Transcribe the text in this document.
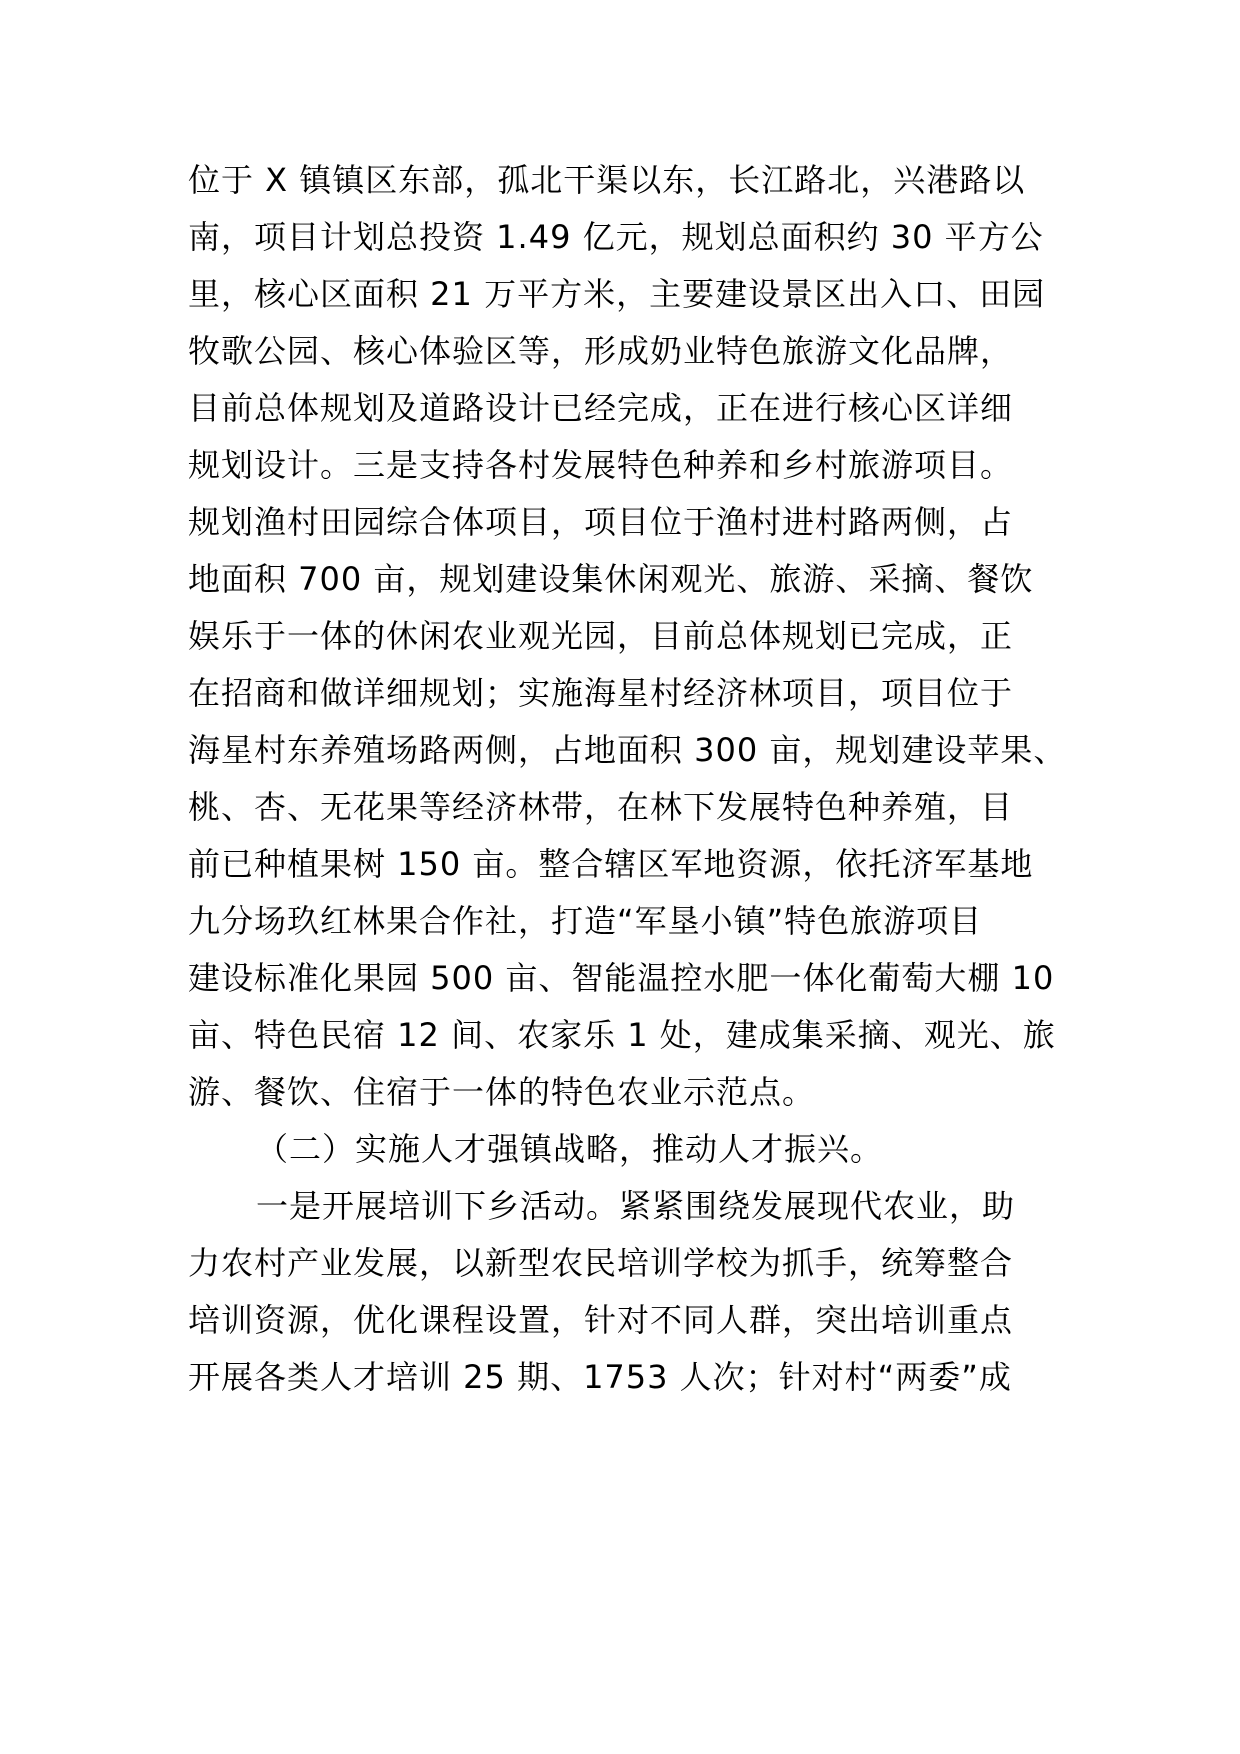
位于 X 镇镇区东部，孤北干渠以东，长江路北，兴港路以
南，项目计划总投资 1.49 亿元，规划总面积约 30 平方公
里，核心区面积 21 万平方米，主要建设景区出入口、田园
牧歌公园、核心体验区等，形成奶业特色旅游文化品牌，
目前总体规划及道路设计已经完成，正在进行核心区详细
规划设计。三是支持各村发展特色种养和乡村旅游项目。
规划渔村田园综合体项目，项目位于渔村进村路两侧，占
地面积 700 亩，规划建设集休闲观光、旅游、采摘、餐饮
娱乐于一体的休闲农业观光园，目前总体规划已完成，正
在招商和做详细规划；实施海星村经济林项目，项目位于
海星村东养殖场路两侧，占地面积 300 亩，规划建设苹果、
桃、杏、无花果等经济林带，在林下发展特色种养殖，目
前已种植果树 150 亩。整合辖区军地资源，依托济军基地
九分场玖红林果合作社，打造“军垦小镇”特色旅游项目
建设标准化果园 500 亩、智能温控水肥一体化葡萄大棚 10
亩、特色民宿 12 间、农家乐 1 处，建成集采摘、观光、旅
游、餐饮、住宿于一体的特色农业示范点。
（二）实施人才强镇战略，推动人才振兴。
一是开展培训下乡活动。紧紧围绕发展现代农业，助
力农村产业发展，以新型农民培训学校为抓手，统筹整合
培训资源，优化课程设置，针对不同人群，突出培训重点
开展各类人才培训 25 期、1753 人次；针对村“两委”成
